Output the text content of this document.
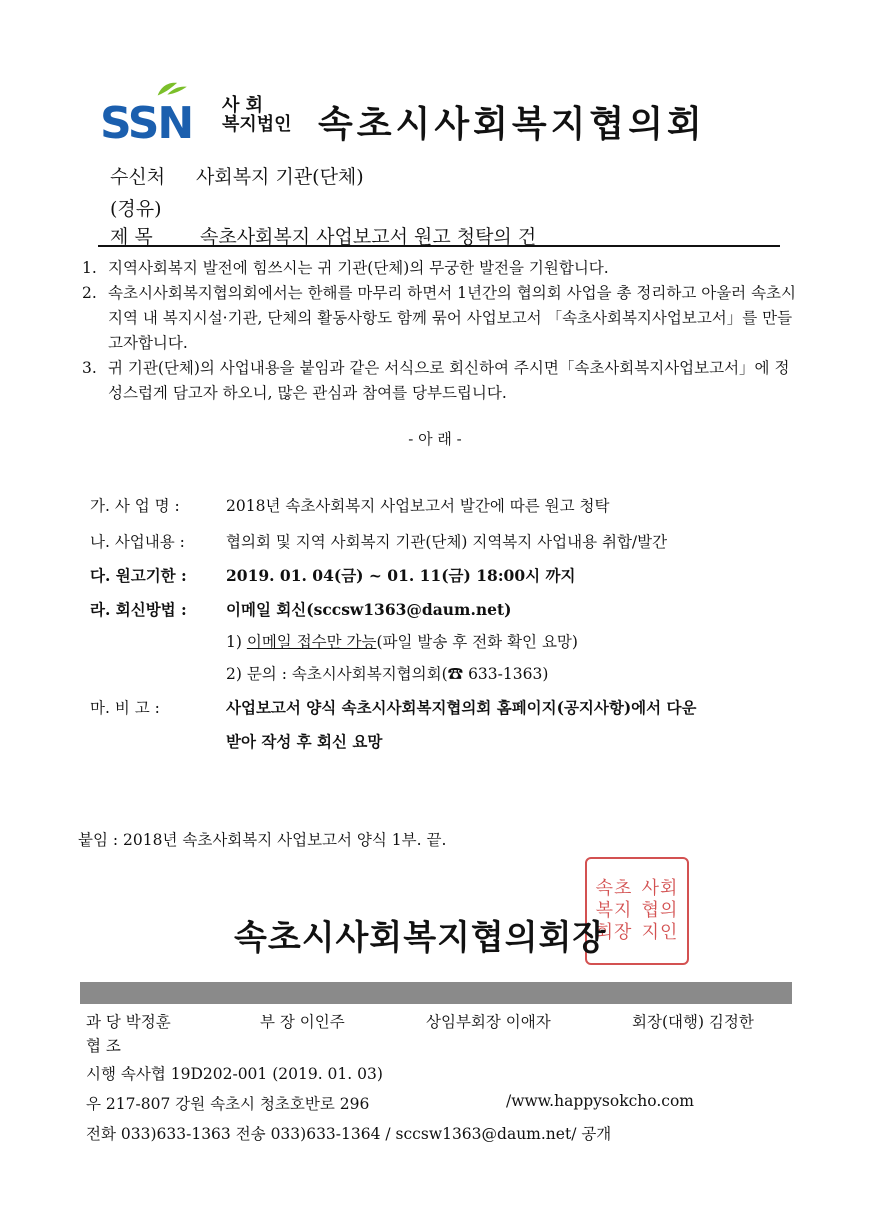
SSN 사 회
복지법인 속초시사회복지협의회
수신처 사회복지 기관(단체)
(경유)
제 목 속초사회복지 사업보고서 원고 청탁의 건

1. 지역사회복지 발전에 힘쓰시는 귀 기관(단체)의 무궁한 발전을 기원합니다.

2. 속초시사회복지협의회에서는 한해를 마무리 하면서 1년간의 협의회 사업을 총 정리하고 아울러 속초시 지역 내 복지시설·기관, 단체의 활동사항도 함께 묶어 사업보고서 「속초사회복지사업보고서」를 만들고자합니다.

3. 귀 기관(단체)의 사업내용을 붙임과 같은 서식으로 회신하여 주시면「속초사회복지사업보고서」에 정성스럽게 담고자 하오니, 많은 관심과 참여를 당부드립니다.

- 아 래 -
가. 사 업 명 :	2018년 속초사회복지 사업보고서 발간에 따른 원고 청탁
나. 사업내용 :	협의회 및 지역 사회복지 기관(단체) 지역복지 사업내용 취합/발간
다. 원고기한 :	2019. 01. 04(금) ~ 01. 11(금) 18:00시 까지
라. 회신방법 :	이메일 회신(sccsw1363@daum.net)
1) 이메일 접수만 가능(파일 발송 후 전화 확인 요망)
2) 문의 : 속초시사회복지협의회(☎ 633-1363)
마. 비 고 :	사업보고서 양식 속초시사회복지협의회 홈페이지(공지사항)에서 다운
받아 작성 후 회신 요망
붙임 : 2018년 속초사회복지 사업보고서 양식 1부. 끝.
속초 사회
복지 협의
회장 지인
속초시사회복지협의회장
과 당 박정훈	부 장 이인주	상임부회장 이애자	회장(대행) 김정한
협 조
시행 속사협 19D202-001 (2019. 01. 03)
우 217-807 강원 속초시 청초호반로 296	/www.happysokcho.com
전화 033)633-1363 전송 033)633-1364 / sccsw1363@daum.net/ 공개
